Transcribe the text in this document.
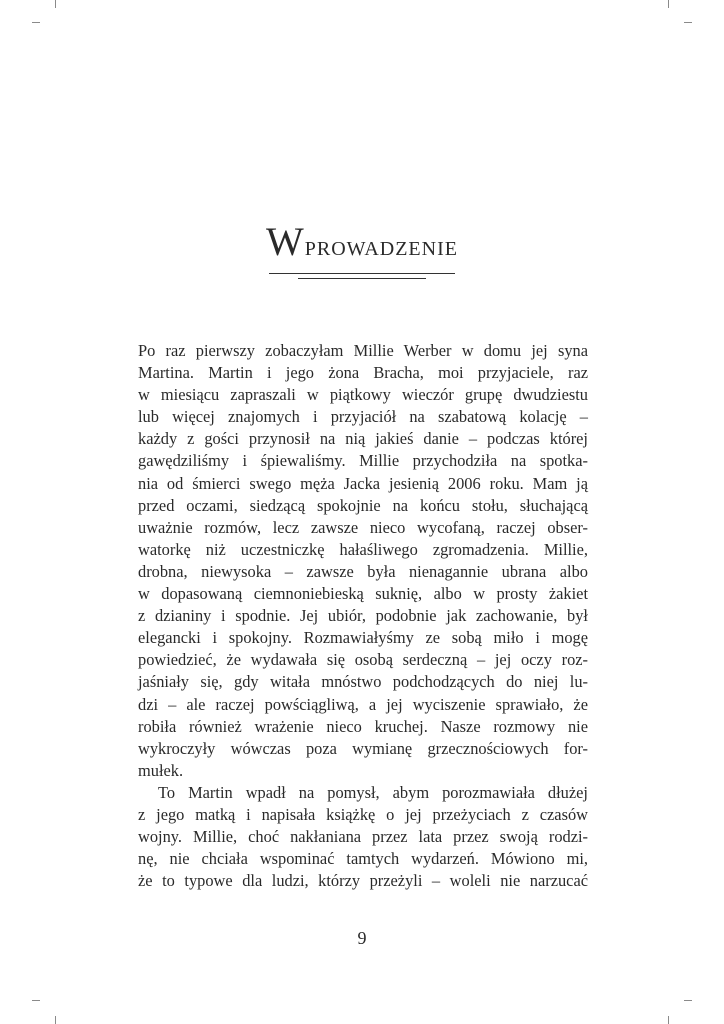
Wprowadzenie
Po raz pierwszy zobaczyłam Millie Werber w domu jej syna
Martina. Martin i jego żona Bracha, moi przyjaciele, raz
w miesiącu zapraszali w piątkowy wieczór grupę dwudziestu
lub więcej znajomych i przyjaciół na szabatową kolację –
każdy z gości przynosił na nią jakieś danie – podczas której
gawędziliśmy i śpiewaliśmy. Millie przychodziła na spotka-
nia od śmierci swego męża Jacka jesienią 2006 roku. Mam ją
przed oczami, siedzącą spokojnie na końcu stołu, słuchającą
uważnie rozmów, lecz zawsze nieco wycofaną, raczej obser-
watorkę niż uczestniczkę hałaśliwego zgromadzenia. Millie,
drobna, niewysoka – zawsze była nienagannie ubrana albo
w dopasowaną ciemnoniebieską suknię, albo w prosty żakiet
z dzianiny i spodnie. Jej ubiór, podobnie jak zachowanie, był
elegancki i spokojny. Rozmawiałyśmy ze sobą miło i mogę
powiedzieć, że wydawała się osobą serdeczną – jej oczy roz-
jaśniały się, gdy witała mnóstwo podchodzących do niej lu-
dzi – ale raczej powściągliwą, a jej wyciszenie sprawiało, że
robiła również wrażenie nieco kruchej. Nasze rozmowy nie
wykroczyły wówczas poza wymianę grzecznościowych for-
mułek.
To Martin wpadł na pomysł, abym porozmawiała dłużej
z jego matką i napisała książkę o jej przeżyciach z czasów
wojny. Millie, choć nakłaniana przez lata przez swoją rodzi-
nę, nie chciała wspominać tamtych wydarzeń. Mówiono mi,
że to typowe dla ludzi, którzy przeżyli – woleli nie narzucać
9
